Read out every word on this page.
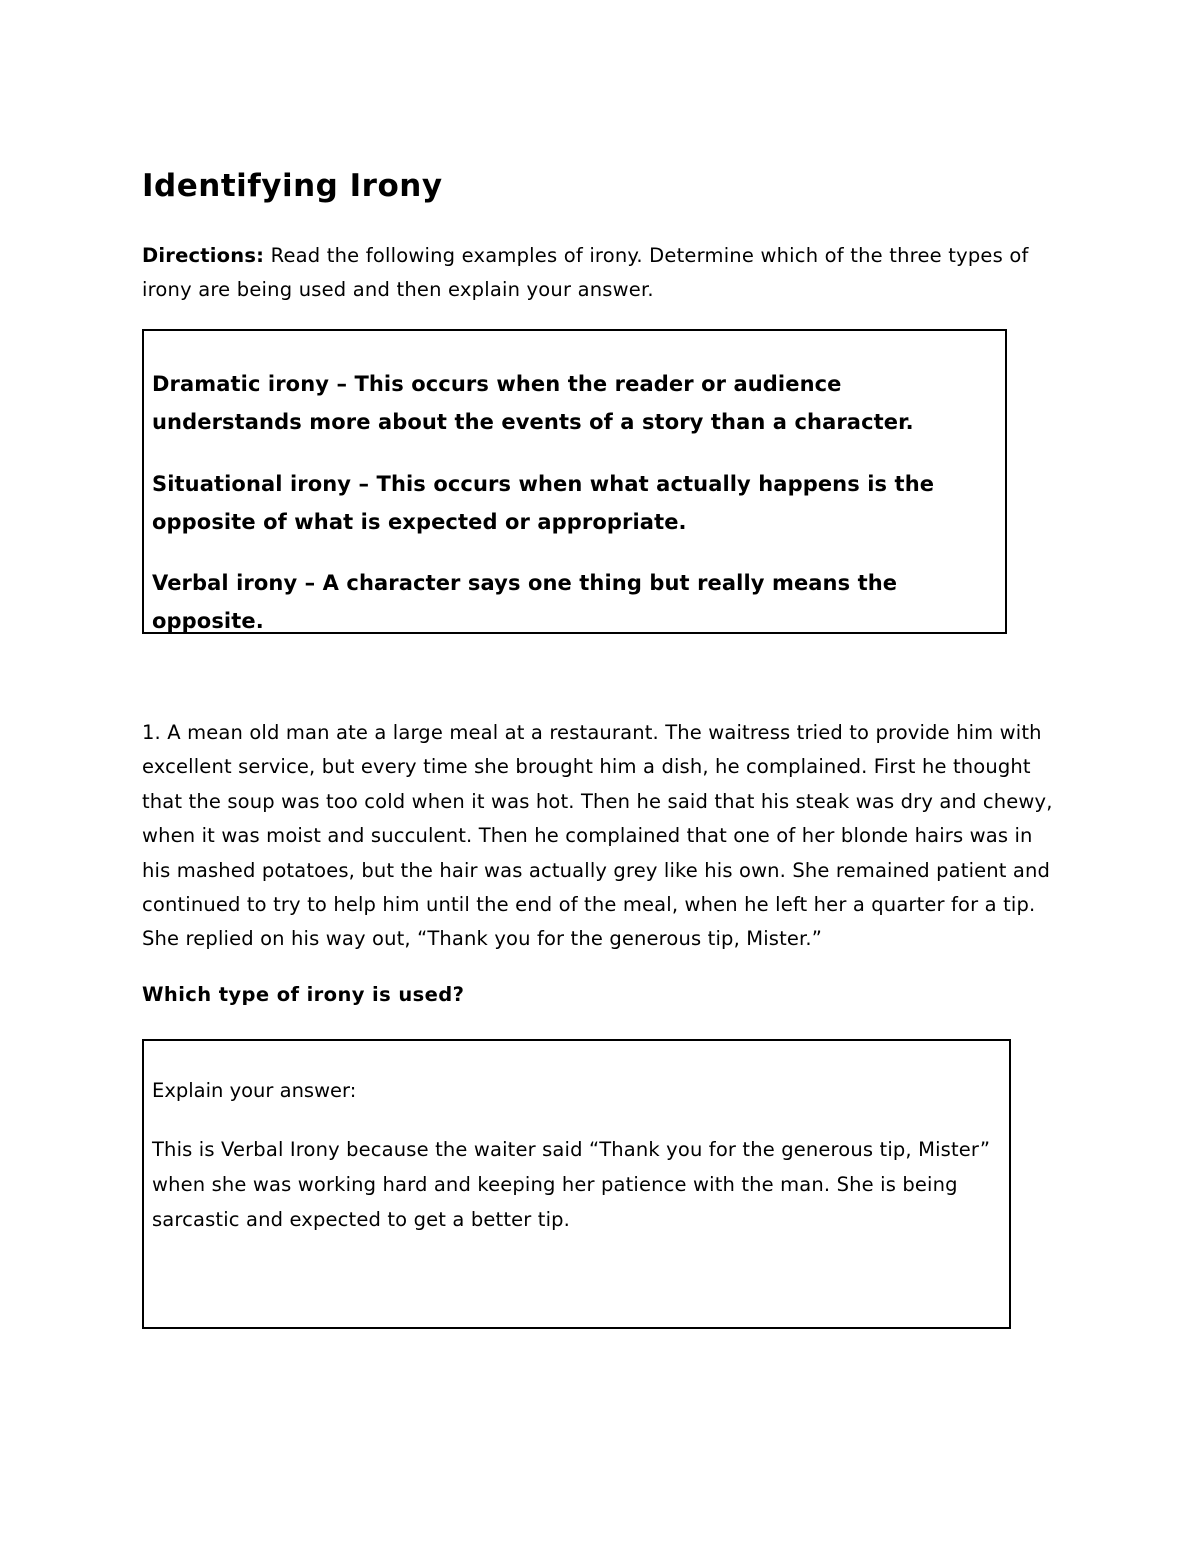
Identifying Irony

Directions: Read the following examples of irony. Determine which of the three types of irony are being used and then explain your answer.

Dramatic irony – This occurs when the reader or audience understands more about the events of a story than a character.

Situational irony – This occurs when what actually happens is the opposite of what is expected or appropriate.

Verbal irony – A character says one thing but really means the opposite.

1. A mean old man ate a large meal at a restaurant. The waitress tried to provide him with excellent service, but every time she brought him a dish, he complained. First he thought that the soup was too cold when it was hot. Then he said that his steak was dry and chewy, when it was moist and succulent. Then he complained that one of her blonde hairs was in his mashed potatoes, but the hair was actually grey like his own. She remained patient and continued to try to help him until the end of the meal, when he left her a quarter for a tip. She replied on his way out, “Thank you for the generous tip, Mister.”

Which type of irony is used?

Explain your answer:

This is Verbal Irony because the waiter said “Thank you for the generous tip, Mister” when she was working hard and keeping her patience with the man. She is being sarcastic and expected to get a better tip.
